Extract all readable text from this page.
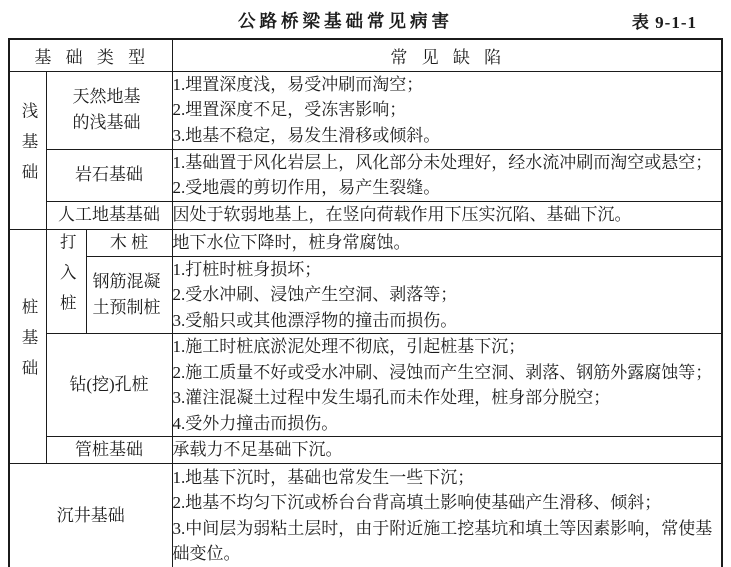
公路桥梁基础常见病害	表 9-1-1
基 础 类 型			常 见 缺 陷
浅基础	天然地基的浅基础		1.埋置深度浅，易受冲刷而淘空；
2.埋置深度不足，受冻害影响；
3.地基不稳定，易发生滑移或倾斜。

	岩石基础		1.基础置于风化岩层上，风化部分未处理好，经水流冲刷而淘空或悬空；
2.受地震的剪切作用，易产生裂缝。

	人工地基基础		因处于软弱地基上，在竖向荷载作用下压实沉陷、基础下沉。

桩基础	打入桩	木 桩	地下水位下降时，桩身常腐蚀。

		钢筋混凝土预制桩	1.打桩时桩身损坏；
2.受水冲刷、浸蚀产生空洞、剥落等；
3.受船只或其他漂浮物的撞击而损伤。

	钻(挖)孔桩		1.施工时桩底淤泥处理不彻底，引起桩基下沉；
2.施工质量不好或受水冲刷、浸蚀而产生空洞、剥落、钢筋外露腐蚀等；
3.灌注混凝土过程中发生塌孔而未作处理，桩身部分脱空；
4.受外力撞击而损伤。

	管桩基础		承载力不足基础下沉。

沉井基础			1.地基下沉时，基础也常发生一些下沉；
2.地基不均匀下沉或桥台台背高填土影响使基础产生滑移、倾斜；
3.中间层为弱粘土层时，由于附近施工挖基坑和填土等因素影响，常使基础变位。
